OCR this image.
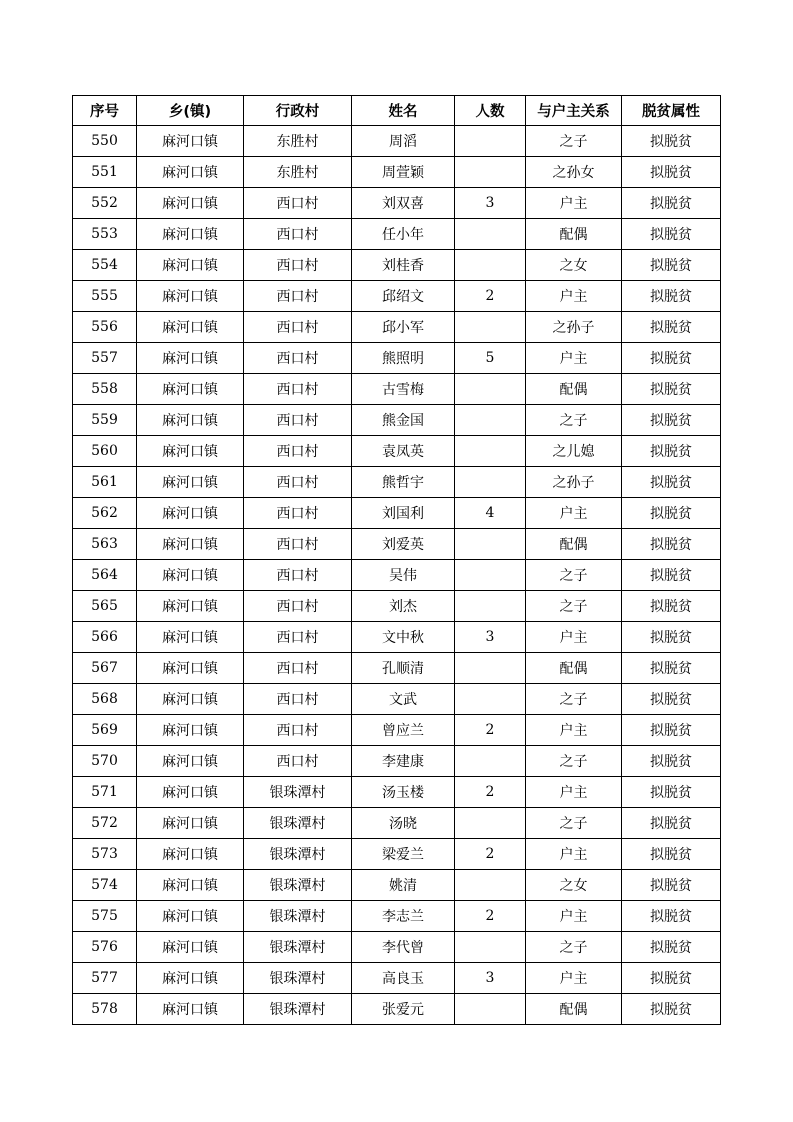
序号	乡(镇)	行政村	姓名	人数	与户主关系	脱贫属性
550	麻河口镇	东胜村	周滔		之子	拟脱贫
551	麻河口镇	东胜村	周萱颖		之孙女	拟脱贫
552	麻河口镇	西口村	刘双喜	3	户主	拟脱贫
553	麻河口镇	西口村	任小年		配偶	拟脱贫
554	麻河口镇	西口村	刘桂香		之女	拟脱贫
555	麻河口镇	西口村	邱绍文	2	户主	拟脱贫
556	麻河口镇	西口村	邱小军		之孙子	拟脱贫
557	麻河口镇	西口村	熊照明	5	户主	拟脱贫
558	麻河口镇	西口村	古雪梅		配偶	拟脱贫
559	麻河口镇	西口村	熊金国		之子	拟脱贫
560	麻河口镇	西口村	袁凤英		之儿媳	拟脱贫
561	麻河口镇	西口村	熊哲宇		之孙子	拟脱贫
562	麻河口镇	西口村	刘国利	4	户主	拟脱贫
563	麻河口镇	西口村	刘爱英		配偶	拟脱贫
564	麻河口镇	西口村	吴伟		之子	拟脱贫
565	麻河口镇	西口村	刘杰		之子	拟脱贫
566	麻河口镇	西口村	文中秋	3	户主	拟脱贫
567	麻河口镇	西口村	孔顺清		配偶	拟脱贫
568	麻河口镇	西口村	文武		之子	拟脱贫
569	麻河口镇	西口村	曾应兰	2	户主	拟脱贫
570	麻河口镇	西口村	李建康		之子	拟脱贫
571	麻河口镇	银珠潭村	汤玉楼	2	户主	拟脱贫
572	麻河口镇	银珠潭村	汤晓		之子	拟脱贫
573	麻河口镇	银珠潭村	梁爱兰	2	户主	拟脱贫
574	麻河口镇	银珠潭村	姚清		之女	拟脱贫
575	麻河口镇	银珠潭村	李志兰	2	户主	拟脱贫
576	麻河口镇	银珠潭村	李代曾		之子	拟脱贫
577	麻河口镇	银珠潭村	高良玉	3	户主	拟脱贫
578	麻河口镇	银珠潭村	张爱元		配偶	拟脱贫
